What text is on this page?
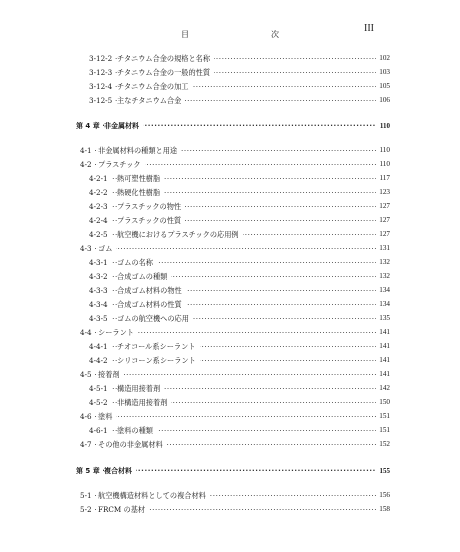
目　　次
III
·····
3-12-2 チタニウム合金の規格と名称	102
·····
3-12-3 チタニウム合金の一般的性質	103
·····
3-12-4 チタニウム合金の加工	105
·····
3-12-5 主なチタニウム合金	106
·····
第 4 章 非金属材料	110
·····
4-1 非金属材料の種類と用途	110
·····
4-2 プラスチック	110
·····
4-2-1	熱可塑性樹脂	117
·····
4-2-2	熱硬化性樹脂	123
·····
4-2-3	プラスチックの物性	127
·····
4-2-4	プラスチックの性質	127
·····
4-2-5	航空機におけるプラスチックの応用例	127
·····
4-3 ゴム	131
·····
4-3-1	ゴムの名称	132
·····
4-3-2	合成ゴムの種類	132
·····
4-3-3	合成ゴム材料の物性	134
·····
4-3-4	合成ゴム材料の性質	134
·····
4-3-5	ゴムの航空機への応用	135
·····
4-4 シーラント	141
·····
4-4-1	チオコール系シーラント	141
·····
4-4-2	シリコーン系シーラント	141
·····
4-5 接着剤	141
·····
4-5-1	構造用接着剤	142
·····
4-5-2	非構造用接着剤	150
·····
4-6 塗料	151
·····
4-6-1	塗料の種類	151
·····
4-7 その他の非金属材料	152
·····
第 5 章 複合材料	155
·····
5-1 航空機構造材料としての複合材料	156
·····
5-2 FRCM の基材	158
